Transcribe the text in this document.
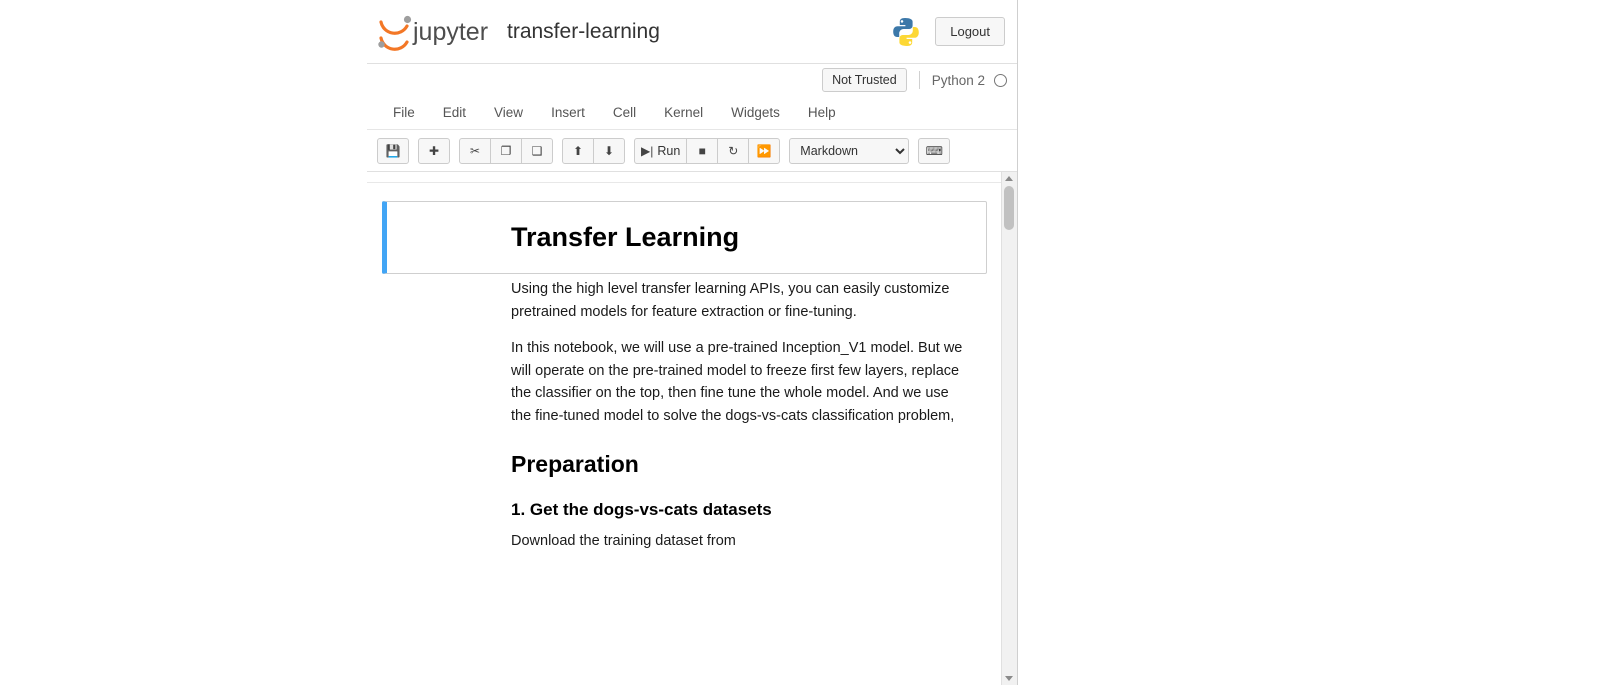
jupyter transfer-learning	Logout
Not Trusted	Python 2
File	Edit	View	Insert	Cell	Kernel	Widgets	Help
💾	✚	✂	❐	❑	⬆	⬇	▶| Run	■	↻	⏩
Markdown	⌨
Transfer Learning

Using the high level transfer learning APIs, you can easily customize pretrained models for feature extraction or fine-tuning.

In this notebook, we will use a pre-trained Inception_V1 model. But we will operate on the pre-trained model to freeze first few layers, replace the classifier on the top, then fine tune the whole model. And we use the fine-tuned model to solve the dogs-vs-cats classification problem,

Preparation
1. Get the dogs-vs-cats datasets

Download the training dataset from
